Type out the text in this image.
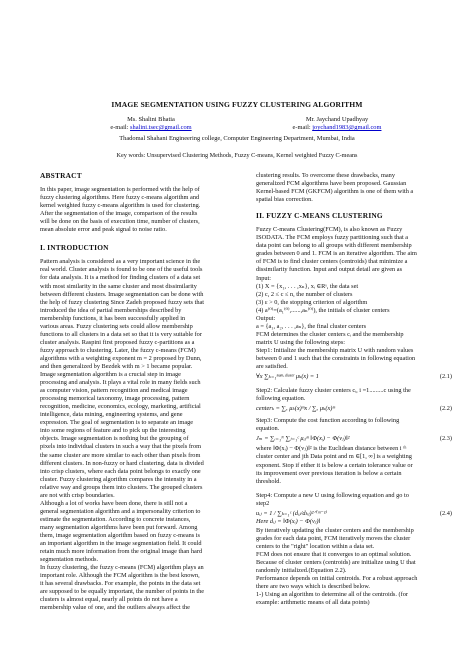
IMAGE SEGMENTATION USING FUZZY CLUSTERING ALGORITHM
Ms. Shalini Bhatia
e-mail: shalini.tsec@gmail.com
Mr. Jaychand Upadhyay
e-mail: joychand1983@gmail.com
Thadomal Shahani Engineering college, Computer Engineering Department, Mumbai, India
Key words: Unsupervised Clustering Methods, Fuzzy C-means, Kernel weighted Fuzzy C-means
ABSTRACT
In this paper, image segmentation is performed with the help of
fuzzy clustering algorithms. Here fuzzy c-means algorithm and
kernel weighted fuzzy c-means algorithm is used for clustering.
After the segmentation of the image, comparison of the results
will be done on the basis of execution time, number of clusters,
mean absolute error and peak signal to noise ratio.
I. INTRODUCTION
Pattern analysis is considered as a very important science in the
real world. Cluster analysis is found to be one of the useful tools
for data analysis. It is a method for finding clusters of a data set
with most similarity in the same cluster and most dissimilarity
between different clusters. Image segmentation can be done with
the help of fuzzy clustering Since Zadeh proposed fuzzy sets that
introduced the idea of partial memberships described by
membership functions, it has been successfully applied in
various areas. Fuzzy clustering sets could allow membership
functions to all clusters in a data set so that it is very suitable for
cluster analysis. Raspini first proposed fuzzy c-partitions as a
fuzzy approach to clustering. Later, the fuzzy c-means (FCM)
algorithms with a weighting exponent m = 2 proposed by Dunn,
and then generalized by Bezdek with m > 1 became popular.
Image segmentation algorithm is a crucial step in image
processing and analysis. It plays a vital role in many fields such
as computer vision, pattern recognition and medical image
processing memorical taxonomy, image processing, pattern
recognition, medicine, economics, ecology, marketing, artificial
intelligence, data mining, engineering systems, and gene
expression. The goal of segmentation is to separate an image
into some regions of feature and to pick up the interesting
objects. Image segmentation is nothing but the grouping of
pixels into individual clusters in such a way that the pixels from
the same cluster are more similar to each other than pixels from
different clusters. In non-fuzzy or hard clustering, data is divided
into crisp clusters, where each data point belongs to exactly one
cluster. Fuzzy clustering algorithm compares the intensity in a
relative way and groups them into clusters. The grouped clusters
are not with crisp boundaries.
Although a lot of works have been done, there is still not a
general segmentation algorithm and a impersonality criterion to
estimate the segmentation. According to concrete instances,
many segmentation algorithms have been put forward. Among
them, image segmentation algorithm based on fuzzy c-means is
an important algorithm in the image segmentation field. It could
retain much more information from the original image than hard
segmentation methods.
In fuzzy clustering, the fuzzy c-means (FCM) algorithm plays an
important role. Although the FCM algorithm is the best known,
it has several drawbacks. For example, the points in the data set
are supposed to be equally important, the number of points in the
clusters is almost equal, nearly all points do not have a
membership value of one, and the outliers always affect the
clustering results. To overcome these drawbacks, many
generalized FCM algorithms have been proposed. Gaussian
Kernel-based FCM (GKFCM) algorithm is one of them with a
spatial bias correction.
II. FUZZY C-MEANS CLUSTERING
Fuzzy C-means Clustering(FCM), is also known as Fuzzy
ISODATA. The FCM employs fuzzy partitioning such that a
data point can belong to all groups with different membership
grades between 0 and 1. FCM is an iterative algorithm. The aim
of FCM is to find cluster centers (centroids) that minimize a
dissimilarity function. Input and output detail are given as
Input:
(1) X = {x₁, . . . ,xₙ}, xᵢ ∈Rˢ, the data set
(2) c, 2 ≤ c ≤ n, the number of clusters
(3) ε > 0, the stopping criterion of algorithm
(4) a⁽⁰⁾=(a₁⁽⁰⁾,......,aₙ⁽⁰⁾), the initials of cluster centers
Output:
a = {a₁, a₂, . . . ,aₙ}, the final cluster centers
FCM determines the cluster centers cᵢ and the membership
matrix U using the following steps:
Step1: Initialize the membership matrix U with random values
between 0 and 1 such that the constraints in following equation
are satisfied.
∀x ∑ₖ₌₁ⁿᵘᵐ·ᶜˡᵘˢᵗᵉʳ μₖ(x) = 1	(2.1)
Step2: Calculate fuzzy cluster centers cᵢ, i =1.........c using the
following equation.
centerₖ = ∑ₓ μₖ(x)ᵐx / ∑ₓ μₖ(x)ᵐ	(2.2)
Step3: Compute the cost function according to following
equation.
Jₘ = ∑ᵢ₌₁ᴺ ∑ⱼ₌₁ᶜ μᵢⱼᵐ ‖Φ(xᵢ) − Φ(vⱼ)‖²	(2.3)
where ‖Φ(xᵢ) − Φ(vⱼ)‖² is the Euclidean distance between i ᵗʰ
cluster center and jth Data point and m ∈[1, ∞] is a weighting
exponent. Stop if either it is below a certain tolerance value or
its improvement over previous iteration is below a certain
threshold.
Step4: Compute a new U using following equation and go to
step2
uᵢⱼ = 1 / ∑ₖ₌₁ᶜ (dᵢⱼ/dₖⱼ)²ᐟ⁽ᵐ⁻¹⁾	(2.4)
Here dᵢⱼ = ‖Φ(xᵢ) − Φ(vⱼ)‖
By iteratively updating the cluster centers and the membership
grades for each data point, FCM iteratively moves the cluster
centers to the "right" location within a data set.
FCM does not ensure that it converges to an optimal solution.
Because of cluster centers (centroids) are initialize using U that
randomly initialized.(Equation 2.2).
Performance depends on initial centroids. For a robust approach
there are two ways which is described below.
1-) Using an algorithm to determine all of the centroids. (for
example: arithmetic means of all data points)
